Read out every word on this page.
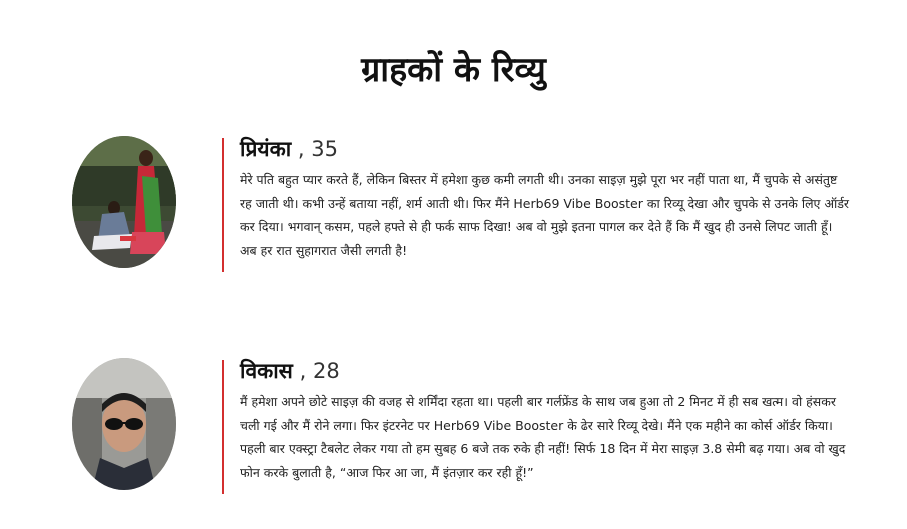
ग्राहकों के रिव्यु
प्रियंका , 35

मेरे पति बहुत प्यार करते हैं, लेकिन बिस्तर में हमेशा कुछ कमी लगती थी। उनका साइज़ मुझे पूरा भर नहीं पाता था, मैं चुपके से असंतुष्ट रह जाती थी। कभी उन्हें बताया नहीं, शर्म आती थी। फिर मैंने Herb69 Vibe Booster का रिव्यू देखा और चुपके से उनके लिए ऑर्डर कर दिया। भगवान् कसम, पहले हफ्ते से ही फर्क साफ दिखा! अब वो मुझे इतना पागल कर देते हैं कि मैं खुद ही उनसे लिपट जाती हूँ। अब हर रात सुहागरात जैसी लगती है!

विकास , 28

मैं हमेशा अपने छोटे साइज़ की वजह से शर्मिंदा रहता था। पहली बार गर्लफ्रेंड के साथ जब हुआ तो 2 मिनट में ही सब खत्म। वो हंसकर चली गई और मैं रोने लगा। फिर इंटरनेट पर Herb69 Vibe Booster के ढेर सारे रिव्यू देखे। मैंने एक महीने का कोर्स ऑर्डर किया। पहली बार एक्स्ट्रा टैबलेट लेकर गया तो हम सुबह 6 बजे तक रुके ही नहीं! सिर्फ 18 दिन में मेरा साइज़ 3.8 सेमी बढ़ गया। अब वो खुद फोन करके बुलाती है, “आज फिर आ जा, मैं इंतज़ार कर रही हूँ!”
